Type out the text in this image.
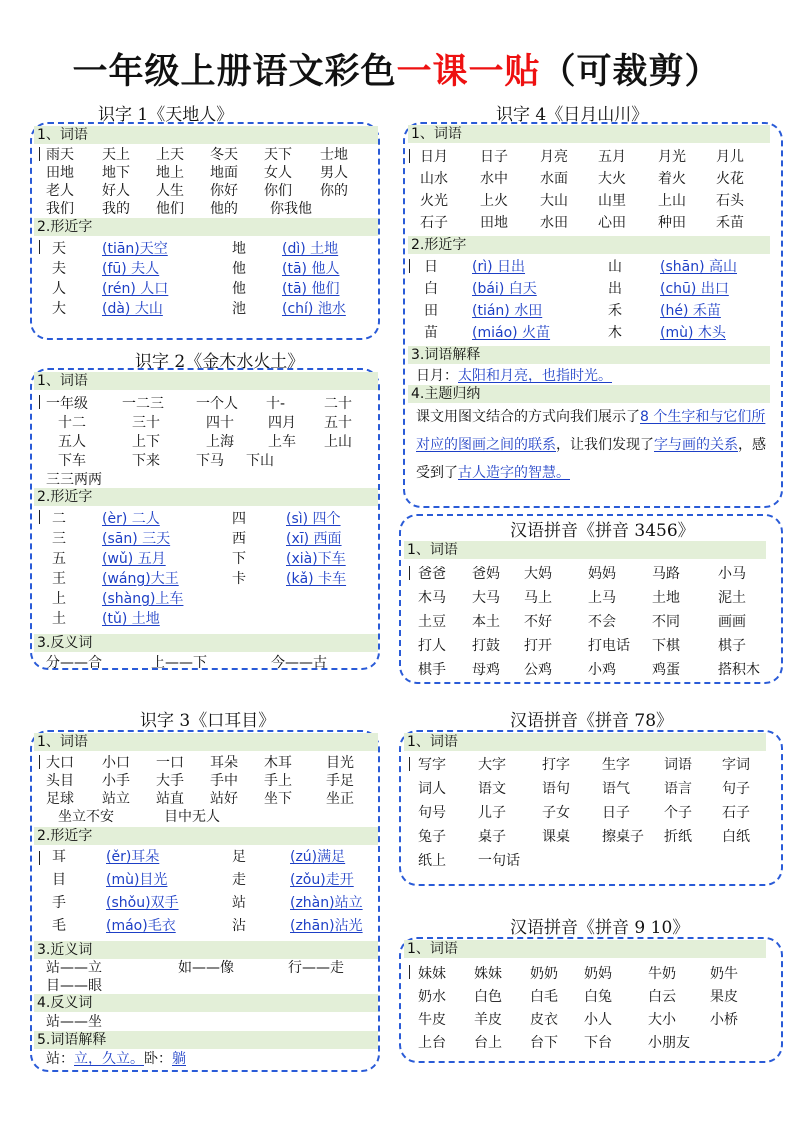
一年级上册语文彩色一课一贴（可裁剪）
识字 1《天地人》
1、词语
雨天 天上 上天 冬天 天下 士地
田地 地下 地上 地面 女人 男人
老人 好人 人生 你好 你们 你的
我们 我的 他们 他的 你我他
2.形近字
天	(tiān)天空	地	(dì) 土地
夫	(fū) 夫人	他	(tā) 他人
人	(rén) 人口	他	(tā) 他们
大	(dà) 大山	池	(chí) 池水
识字 2《金木水火土》
1、词语
一年级 一二三 一个人 十-	二十
十二	三十	四十 四月 五十
五人	上下	上海 上车 上山
下车	下来	下马 下山
三三两两
2.形近字
二	(èr) 二人	四	(sì) 四个
三	(sān) 三天	西	(xī) 西面
五	(wǔ) 五月	下	(xià)下车
王	(wáng)大王	卡	(kǎ) 卡车
上	(shàng)上车
土	(tǔ) 土地
3.反义词
分——合	上——下	今——古
识字 3《口耳目》
1、词语
大口 小口 一口 耳朵 木耳 目光
头目 小手 大手 手中 手上 手足
足球 站立 站直 站好 坐下 坐正
坐立不安	目中无人
2.形近字
耳	(ěr)耳朵	足	(zú)满足
目	(mù)目光	走	(zǒu)走开
手	(shǒu)双手	站	(zhàn)站立
毛	(máo)毛衣	沾	(zhān)沾光
3.近义词
站——立	如——像	行——走
目——眼
4.反义词
站——坐
5.词语解释
站：立，久立。卧：躺
识字 4《日月山川》
1、词语
日月 日子 月亮 五月 月光 月儿
山水 水中 水面 大火 着火 火花
火光 上火 大山 山里 上山 石头
石子 田地 水田 心田 种田 禾苗
2.形近字
日 (rì) 日出	山	(shān) 高山
白 (bái) 白天	出	(chū) 出口
田 (tián) 水田	禾	(hé) 禾苗
苗 (miáo) 火苗	木	(mù) 木头
3.词语解释
日月：太阳和月亮，也指时光。
4.主题归纳
课文用图文结合的方式向我们展示了8 个生字和与它们所对应的图画之间的联系，让我们发现了字与画的关系，感受到了古人造字的智慧。
汉语拼音《拼音 3456》
1、词语
爸爸 爸妈 大妈	妈妈	马路	小马
木马 大马 马上	上马	土地	泥土
土豆 本土 不好	不会	不同	画画
打人 打鼓 打开	打电话 下棋	棋子
棋手 母鸡 公鸡	小鸡	鸡蛋	搭积木
汉语拼音《拼音 78》
1、词语
写字 大字	打字 生字 词语 字词
词人 语文	语句 语气 语言 句子
句号 儿子	子女 日子 个子 石子
兔子 桌子	课桌 擦桌子 折纸 白纸
纸上 一句话
汉语拼音《拼音 9 10》
1、词语
妹妹 姝妹 奶奶 奶妈	牛奶 奶牛
奶水 白色 白毛 白兔	白云 果皮
牛皮 羊皮 皮衣 小人	大小 小桥
上台 台上 台下 下台	小朋友
